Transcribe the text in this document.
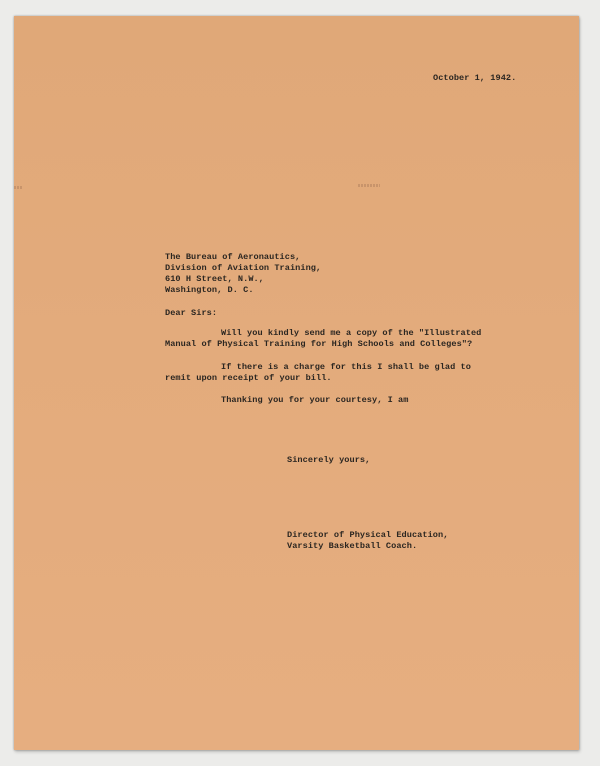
October 1, 1942.
The Bureau of Aeronautics,
Division of Aviation Training,
610 H Street, N.W.,
Washington, D. C.
Dear Sirs:
Will you kindly send me a copy of the "Illustrated
Manual of Physical Training for High Schools and Colleges"?
If there is a charge for this I shall be glad to
remit upon receipt of your bill.
Thanking you for your courtesy, I am
Sincerely yours,
Director of Physical Education,
Varsity Basketball Coach.
